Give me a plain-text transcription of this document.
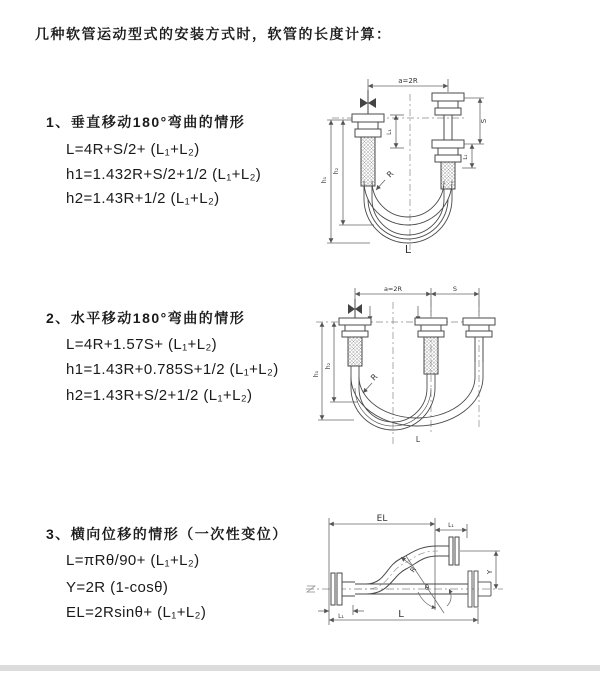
几种软管运动型式的安装方式时，软管的长度计算：
1、垂直移动180°弯曲的情形
L=4R+S/2+ (L₁+L₂)
h1=1.432R+S/2+1/2 (L₁+L₂)
h2=1.43R+1/2 (L₁+L₂)
2、水平移动180°弯曲的情形
L=4R+1.57S+ (L₁+L₂)
h1=1.43R+0.785S+1/2 (L₁+L₂)
h2=1.43R+S/2+1/2 (L₁+L₂)
3、横向位移的情形（一次性变位）
L=πRθ/90+ (L₁+L₂)
Y=2R (1-cosθ)
EL=2Rsinθ+ (L₁+L₂)
a=2R
L₁
S
L₁
h₁
h₂	R
L
a=2R	S
h₁
h₂
R
L
EL
L₁
Y
R
θ
L
L₁
